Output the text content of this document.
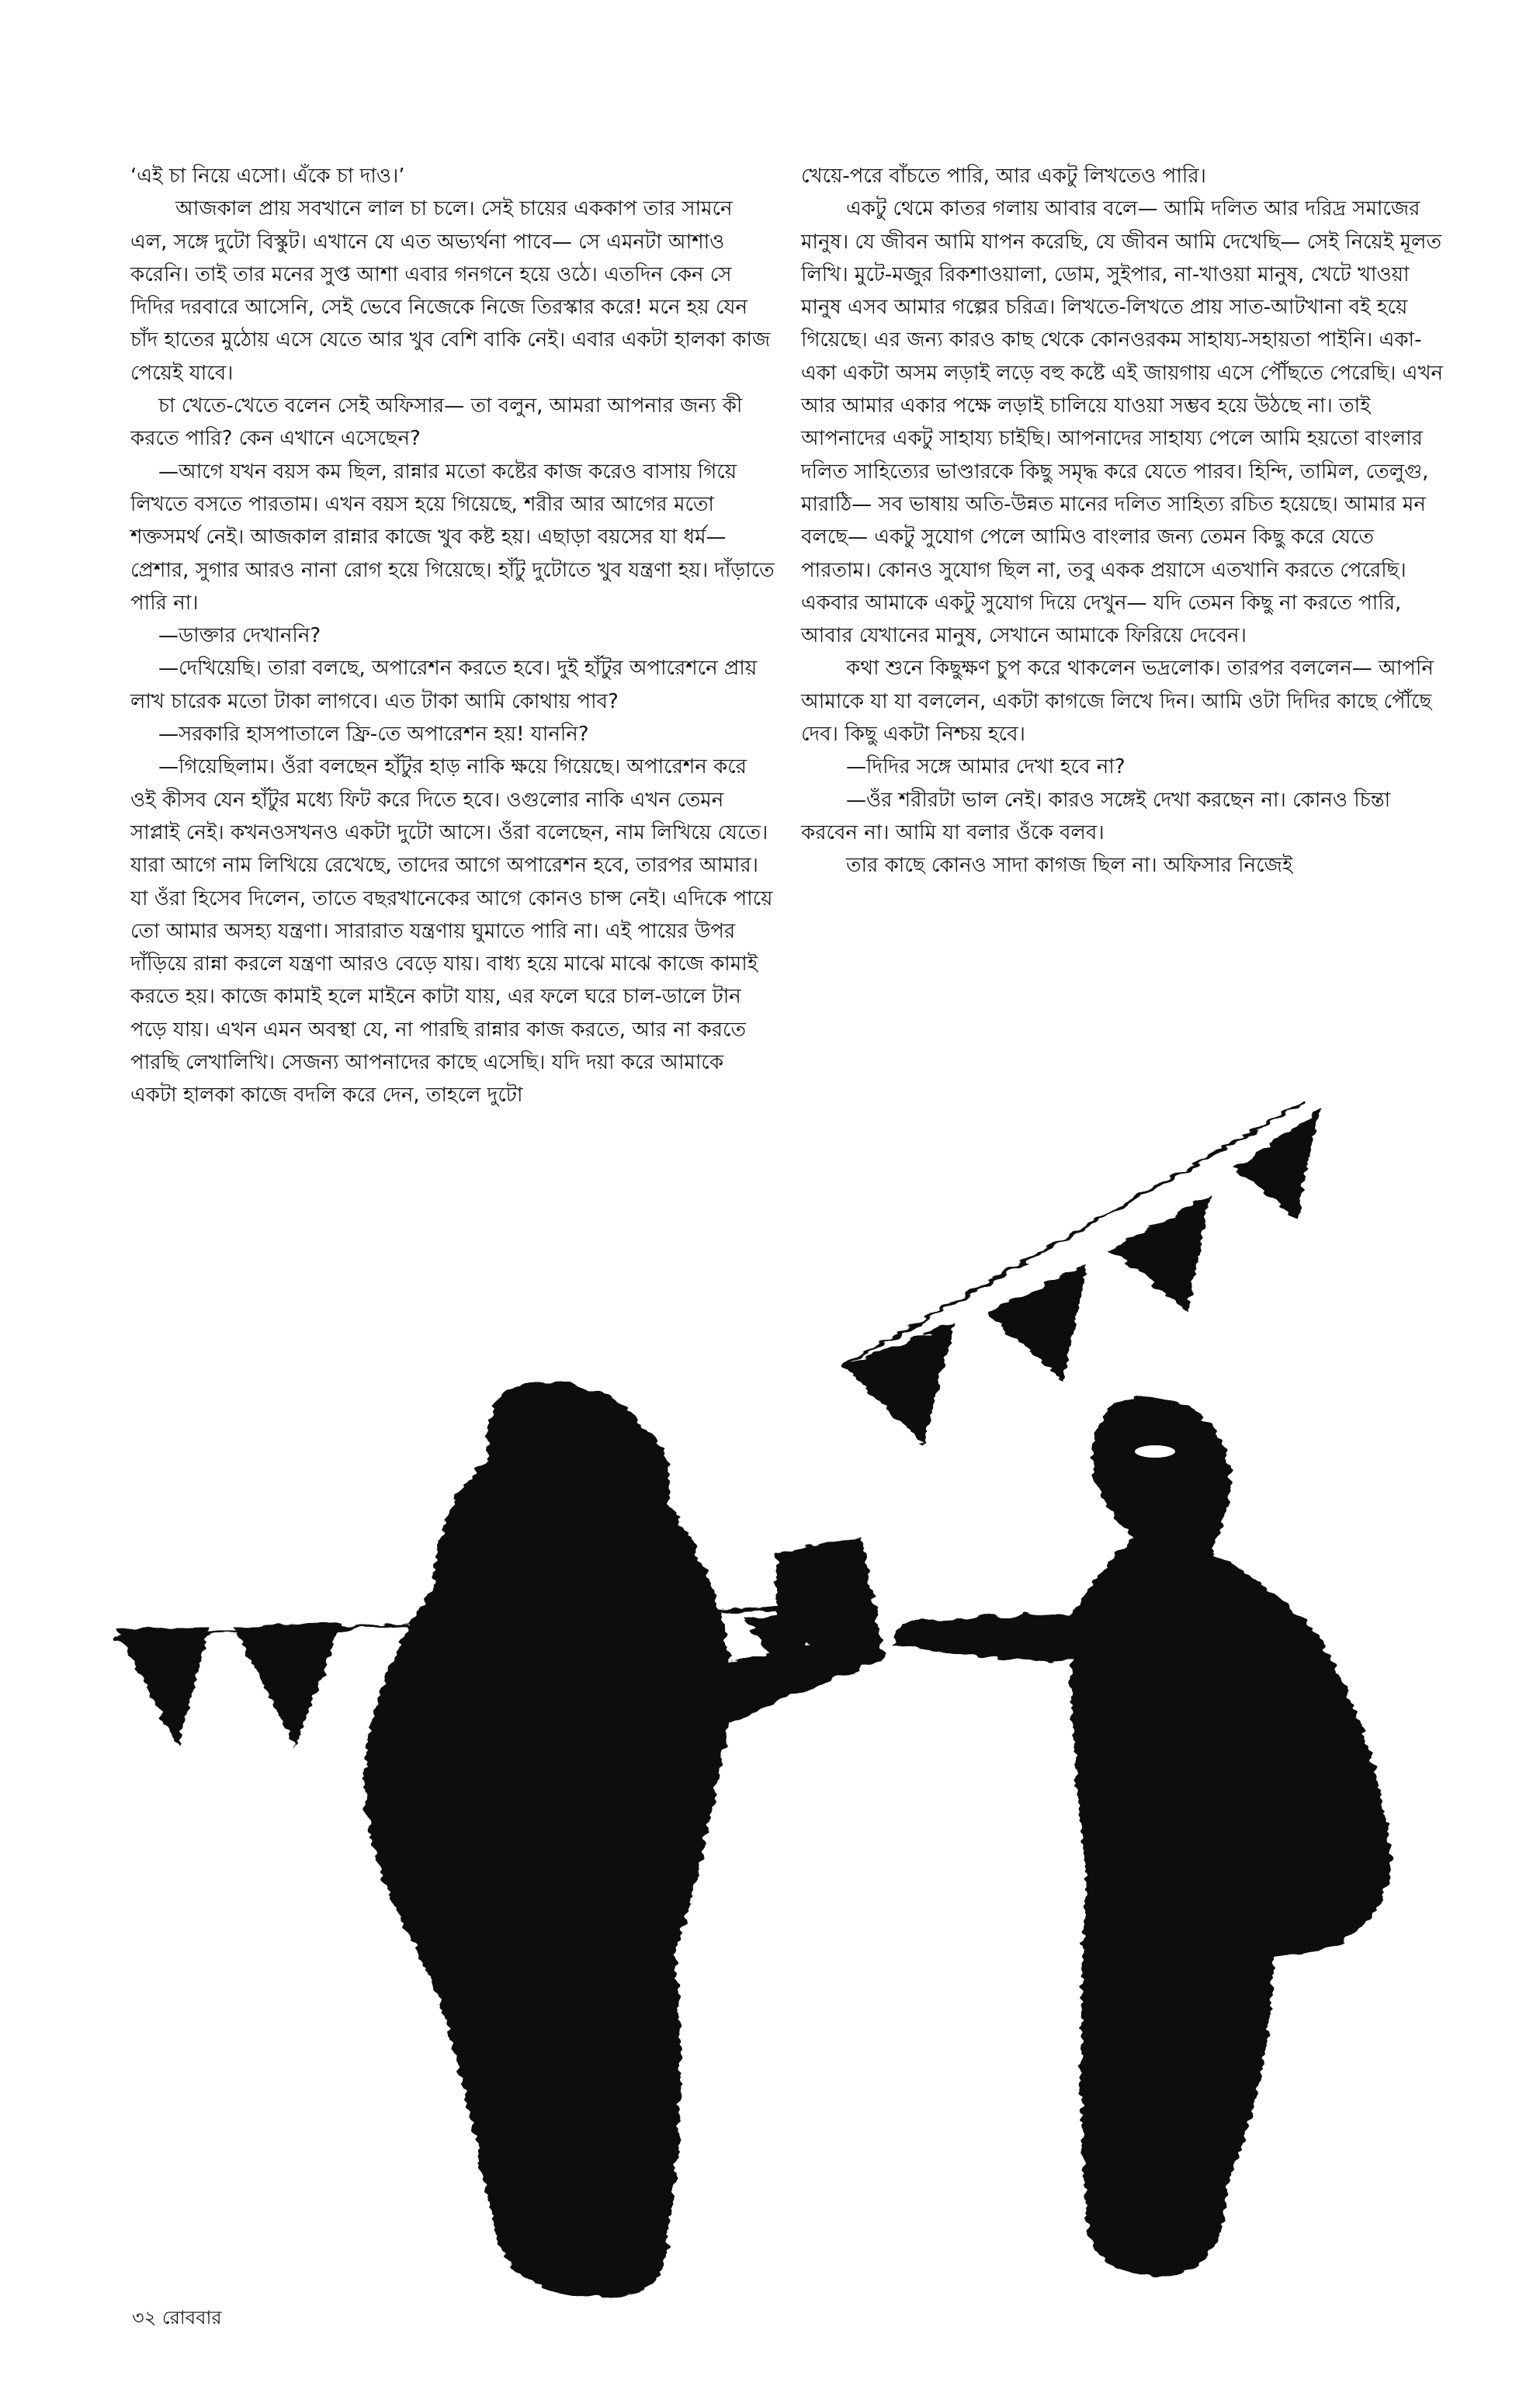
‘এই চা নিয়ে এসো। এঁকে চা দাও।’

আজকাল প্রায় সবখানে লাল চা চলে। সেই চায়ের এককাপ তার সামনে এল, সঙ্গে দুটো বিস্কুট। এখানে যে এত অভ্যর্থনা পাবে— সে এমনটা আশাও করেনি। তাই তার মনের সুপ্ত আশা এবার গনগনে হয়ে ওঠে। এতদিন কেন সে দিদির দরবারে আসেনি, সেই ভেবে নিজেকে নিজে তিরস্কার করে! মনে হয় যেন চাঁদ হাতের মুঠোয় এসে যেতে আর খুব বেশি বাকি নেই। এবার একটা হালকা কাজ পেয়েই যাবে।

চা খেতে-খেতে বলেন সেই অফিসার— তা বলুন, আমরা আপনার জন্য কী করতে পারি? কেন এখানে এসেছেন?

—আগে যখন বয়স কম ছিল, রান্নার মতো কষ্টের কাজ করেও বাসায় গিয়ে লিখতে বসতে পারতাম। এখন বয়স হয়ে গিয়েছে, শরীর আর আগের মতো শক্তসমর্থ নেই। আজকাল রান্নার কাজে খুব কষ্ট হয়। এছাড়া বয়সের যা ধর্ম— প্রেশার, সুগার আরও নানা রোগ হয়ে গিয়েছে। হাঁটু দুটোতে খুব যন্ত্রণা হয়। দাঁড়াতে পারি না।

—ডাক্তার দেখাননি?

—দেখিয়েছি। তারা বলছে, অপারেশন করতে হবে। দুই হাঁটুর অপারেশনে প্রায় লাখ চারেক মতো টাকা লাগবে। এত টাকা আমি কোথায় পাব?

—সরকারি হাসপাতালে ফ্রি-তে অপারেশন হয়! যাননি?

—গিয়েছিলাম। ওঁরা বলছেন হাঁটুর হাড় নাকি ক্ষয়ে গিয়েছে। অপারেশন করে ওই কীসব যেন হাঁটুর মধ্যে ফিট করে দিতে হবে। ওগুলোর নাকি এখন তেমন সাপ্লাই নেই। কখনওসখনও একটা দুটো আসে। ওঁরা বলেছেন, নাম লিখিয়ে যেতে। যারা আগে নাম লিখিয়ে রেখেছে, তাদের আগে অপারেশন হবে, তারপর আমার। যা ওঁরা হিসেব দিলেন, তাতে বছরখানেকের আগে কোনও চান্স নেই। এদিকে পায়ে তো আমার অসহ্য যন্ত্রণা। সারারাত যন্ত্রণায় ঘুমাতে পারি না। এই পায়ের উপর দাঁড়িয়ে রান্না করলে যন্ত্রণা আরও বেড়ে যায়। বাধ্য হয়ে মাঝে মাঝে কাজে কামাই করতে হয়। কাজে কামাই হলে মাইনে কাটা যায়, এর ফলে ঘরে চাল-ডালে টান পড়ে যায়। এখন এমন অবস্থা যে, না পারছি রান্নার কাজ করতে, আর না করতে পারছি লেখালিখি। সেজন্য আপনাদের কাছে এসেছি। যদি দয়া করে আমাকে একটা হালকা কাজে বদলি করে দেন, তাহলে দুটো

খেয়ে-পরে বাঁচতে পারি, আর একটু লিখতেও পারি।

একটু থেমে কাতর গলায় আবার বলে— আমি দলিত আর দরিদ্র সমাজের মানুষ। যে জীবন আমি যাপন করেছি, যে জীবন আমি দেখেছি— সেই নিয়েই মূলত লিখি। মুটে-মজুর রিকশাওয়ালা, ডোম, সুইপার, না-খাওয়া মানুষ, খেটে খাওয়া মানুষ এসব আমার গল্পের চরিত্র। লিখতে-লিখতে প্রায় সাত-আটখানা বই হয়ে গিয়েছে। এর জন্য কারও কাছ থেকে কোনওরকম সাহায্য-সহায়তা পাইনি। একা-একা একটা অসম লড়াই লড়ে বহু কষ্টে এই জায়গায় এসে পৌঁছতে পেরেছি। এখন আর আমার একার পক্ষে লড়াই চালিয়ে যাওয়া সম্ভব হয়ে উঠছে না। তাই আপনাদের একটু সাহায্য চাইছি। আপনাদের সাহায্য পেলে আমি হয়তো বাংলার দলিত সাহিত্যের ভাণ্ডারকে কিছু সমৃদ্ধ করে যেতে পারব। হিন্দি, তামিল, তেলুগু, মারাঠি— সব ভাষায় অতি-উন্নত মানের দলিত সাহিত্য রচিত হয়েছে। আমার মন বলছে— একটু সুযোগ পেলে আমিও বাংলার জন্য তেমন কিছু করে যেতে পারতাম। কোনও সুযোগ ছিল না, তবু একক প্রয়াসে এতখানি করতে পেরেছি। একবার আমাকে একটু সুযোগ দিয়ে দেখুন— যদি তেমন কিছু না করতে পারি, আবার যেখানের মানুষ, সেখানে আমাকে ফিরিয়ে দেবেন।

কথা শুনে কিছুক্ষণ চুপ করে থাকলেন ভদ্রলোক। তারপর বললেন— আপনি আমাকে যা যা বললেন, একটা কাগজে লিখে দিন। আমি ওটা দিদির কাছে পৌঁছে দেব। কিছু একটা নিশ্চয় হবে।

—দিদির সঙ্গে আমার দেখা হবে না?

—ওঁর শরীরটা ভাল নেই। কারও সঙ্গেই দেখা করছেন না। কোনও চিন্তা করবেন না। আমি যা বলার ওঁকে বলব।

তার কাছে কোনও সাদা কাগজ ছিল না। অফিসার নিজেই

৩২ রোববার
